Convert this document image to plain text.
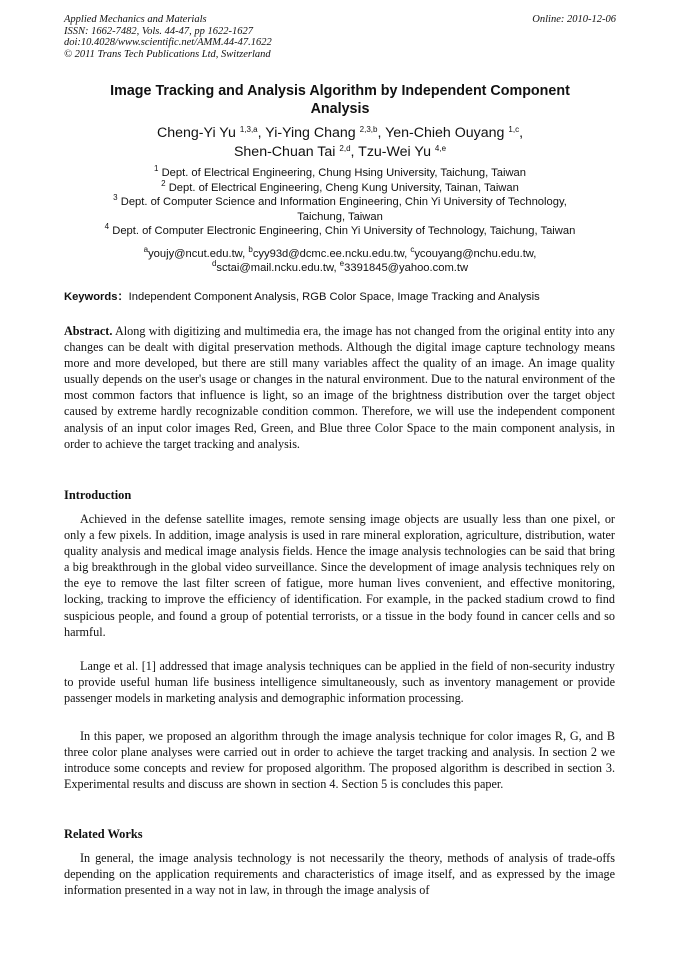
Applied Mechanics and Materials
ISSN: 1662-7482, Vols. 44-47, pp 1622-1627
doi:10.4028/www.scientific.net/AMM.44-47.1622
© 2011 Trans Tech Publications Ltd, Switzerland
Online: 2010-12-06
Image Tracking and Analysis Algorithm by Independent Component
Analysis
Cheng-Yi Yu $^{1,3,a}$, Yi-Ying Chang $^{2,3,b}$, Yen-Chieh Ouyang $^{1,c}$,
Shen-Chuan Tai $^{2,d}$, Tzu-Wei Yu $^{4,e}$
$^1$ Dept. of Electrical Engineering, Chung Hsing University, Taichung, Taiwan
$^2$ Dept. of Electrical Engineering, Cheng Kung University, Tainan, Taiwan
$^3$ Dept. of Computer Science and Information Engineering, Chin Yi University of Technology,
Taichung, Taiwan
$^4$ Dept. of Computer Electronic Engineering, Chin Yi University of Technology, Taichung, Taiwan
$^a$youjy@ncut.edu.tw, $^b$cyy93d@dcmc.ee.ncku.edu.tw, $^c$ycouyang@nchu.edu.tw,
$^d$sctai@mail.ncku.edu.tw, $^e$3391845@yahoo.com.tw
Keywords：Independent Component Analysis, RGB Color Space, Image Tracking and Analysis

Abstract. Along with digitizing and multimedia era, the image has not changed from the original entity into any changes can be dealt with digital preservation methods. Although the digital image capture technology means more and more developed, but there are still many variables affect the quality of an image. An image quality usually depends on the user's usage or changes in the natural environment. Due to the natural environment of the most common factors that influence is light, so an image of the brightness distribution over the target object caused by extreme hardly recognizable condition common. Therefore, we will use the independent component analysis of an input color images Red, Green, and Blue three Color Space to the main component analysis, in order to achieve the target tracking and analysis.

Introduction

Achieved in the defense satellite images, remote sensing image objects are usually less than one pixel, or only a few pixels. In addition, image analysis is used in rare mineral exploration, agriculture, distribution, water quality analysis and medical image analysis fields. Hence the image analysis technologies can be said that bring a big breakthrough in the global video surveillance. Since the development of image analysis techniques rely on the eye to remove the last filter screen of fatigue, more human lives convenient, and effective monitoring, locking, tracking to improve the efficiency of identification. For example, in the packed stadium crowd to find suspicious people, and found a group of potential terrorists, or a tissue in the body found in cancer cells and so harmful.

Lange et al. [1] addressed that image analysis techniques can be applied in the field of non-security industry to provide useful human life business intelligence simultaneously, such as inventory management or provide passenger models in marketing analysis and demographic information processing.

In this paper, we proposed an algorithm through the image analysis technique for color images R, G, and B three color plane analyses were carried out in order to achieve the target tracking and analysis. In section 2 we introduce some concepts and review for proposed algorithm. The proposed algorithm is described in section 3. Experimental results and discuss are shown in section 4. Section 5 is concludes this paper.

Related Works

In general, the image analysis technology is not necessarily the theory, methods of analysis of trade-offs depending on the application requirements and characteristics of image itself, and as expressed by the image information presented in a way not in law, in through the image analysis of
